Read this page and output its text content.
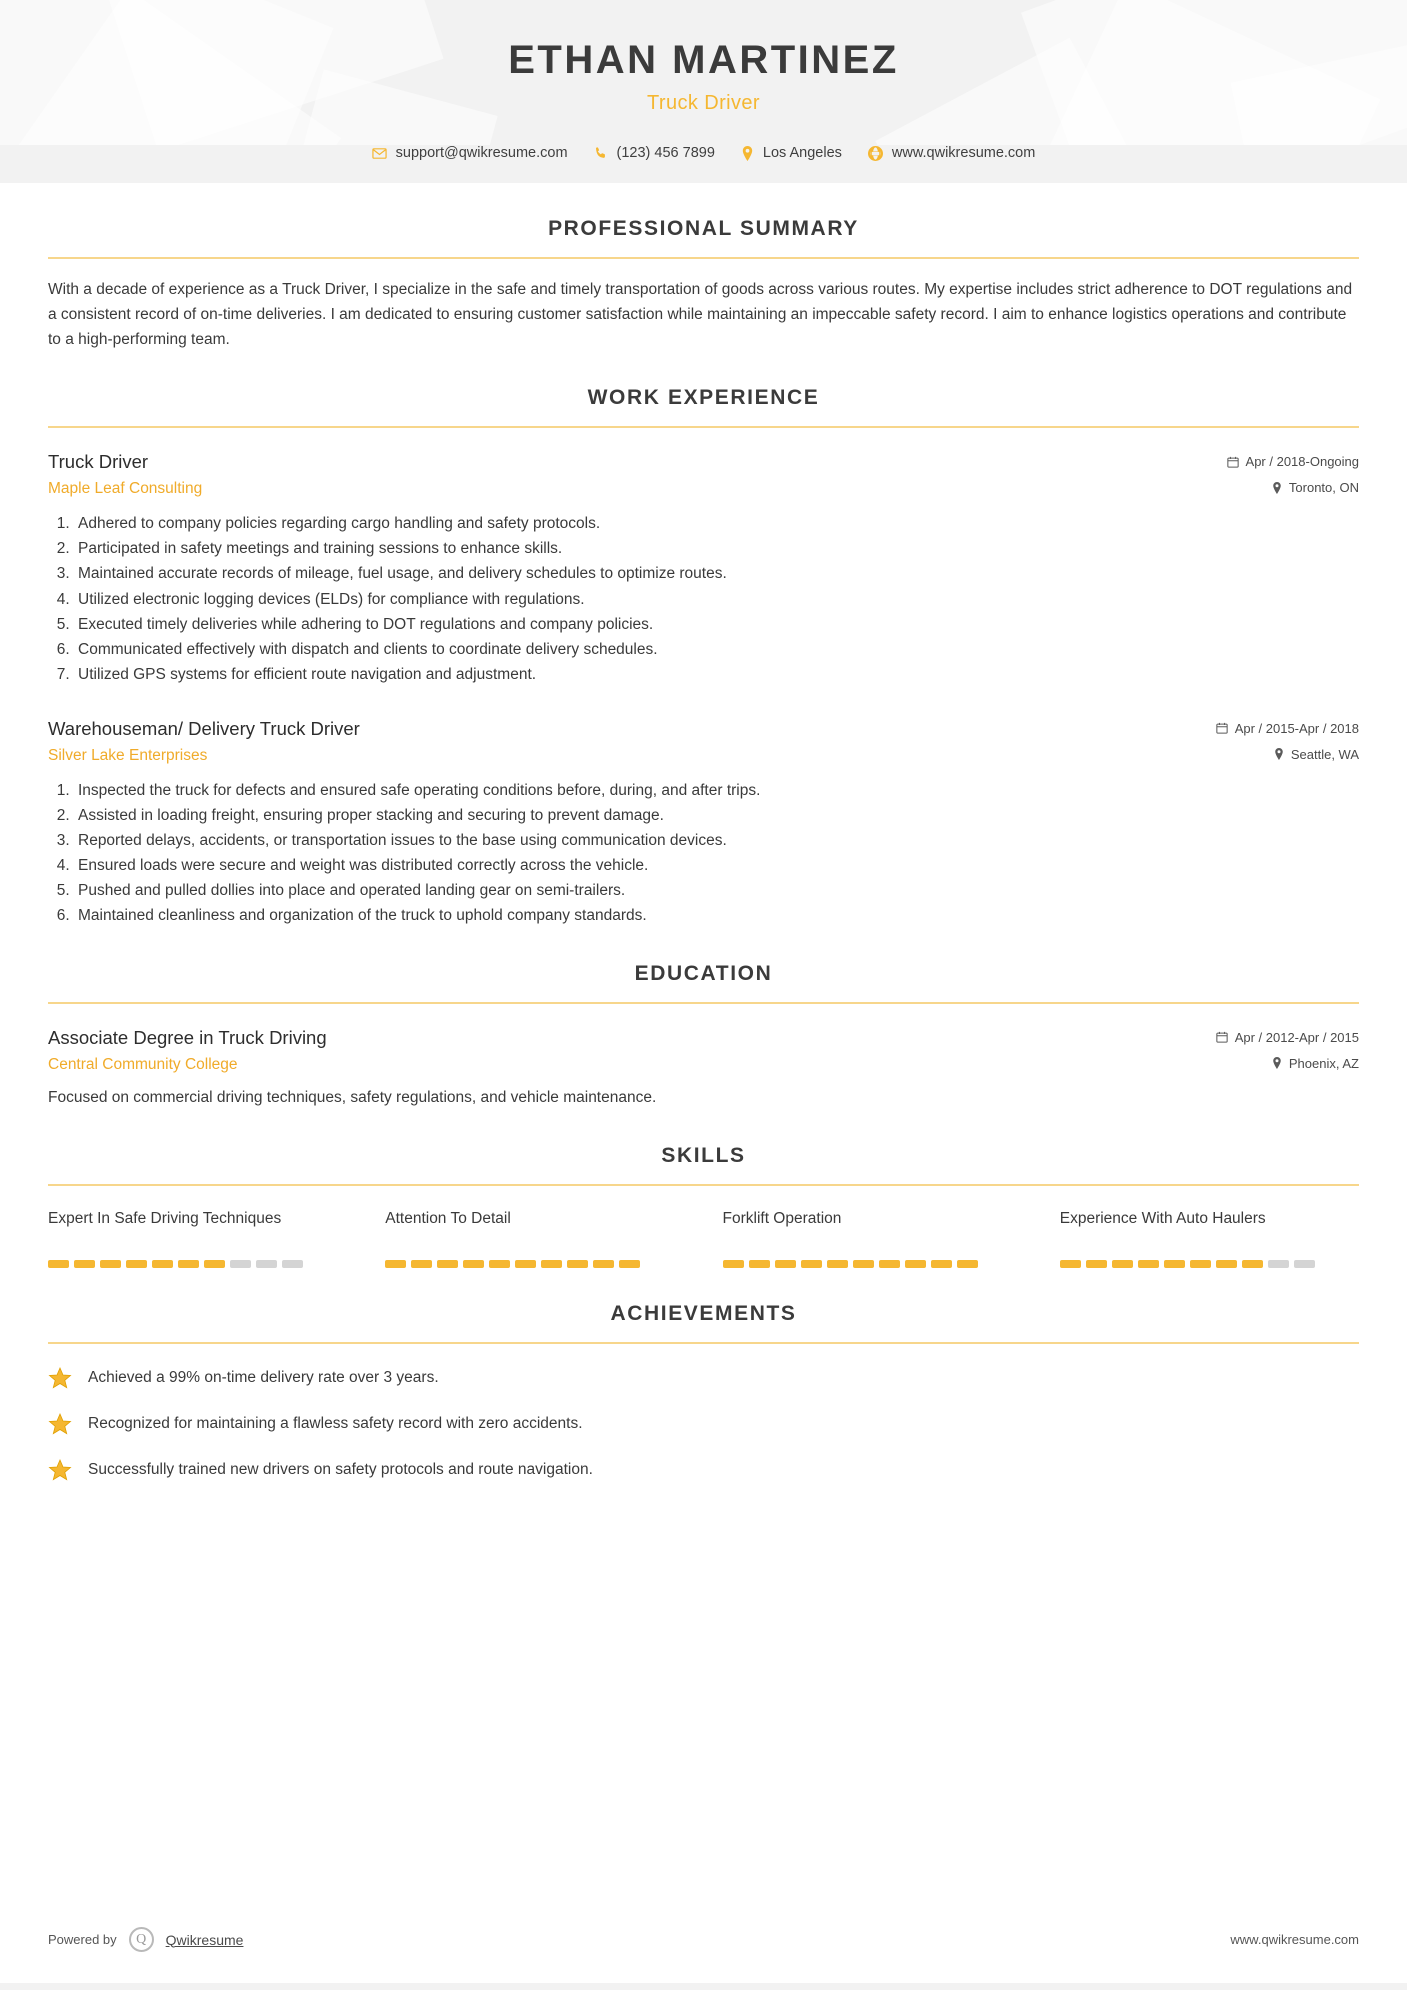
ETHAN MARTINEZ
Truck Driver
support@qwikresume.com	(123) 456 7899	Los Angeles	www.qwikresume.com
PROFESSIONAL SUMMARY

With a decade of experience as a Truck Driver, I specialize in the safe and timely transportation of goods across various routes. My expertise includes strict adherence to DOT regulations and a consistent record of on-time deliveries. I am dedicated to ensuring customer satisfaction while maintaining an impeccable safety record. I aim to enhance logistics operations and contribute to a high-performing team.

WORK EXPERIENCE
Truck Driver
Maple Leaf Consulting
Apr / 2018-Ongoing
Toronto, ON
1. Adhered to company policies regarding cargo handling and safety protocols.
2. Participated in safety meetings and training sessions to enhance skills.
3. Maintained accurate records of mileage, fuel usage, and delivery schedules to optimize routes.
4. Utilized electronic logging devices (ELDs) for compliance with regulations.
5. Executed timely deliveries while adhering to DOT regulations and company policies.
6. Communicated effectively with dispatch and clients to coordinate delivery schedules.
7. Utilized GPS systems for efficient route navigation and adjustment.
Warehouseman/ Delivery Truck Driver
Silver Lake Enterprises
Apr / 2015-Apr / 2018
Seattle, WA
1. Inspected the truck for defects and ensured safe operating conditions before, during, and after trips.
2. Assisted in loading freight, ensuring proper stacking and securing to prevent damage.
3. Reported delays, accidents, or transportation issues to the base using communication devices.
4. Ensured loads were secure and weight was distributed correctly across the vehicle.
5. Pushed and pulled dollies into place and operated landing gear on semi-trailers.
6. Maintained cleanliness and organization of the truck to uphold company standards.
EDUCATION
Associate Degree in Truck Driving
Central Community College
Apr / 2012-Apr / 2015
Phoenix, AZ
Focused on commercial driving techniques, safety regulations, and vehicle maintenance.
SKILLS
Expert In Safe Driving Techniques	Attention To Detail	Forklift Operation	Experience With Auto Haulers
ACHIEVEMENTS
Achieved a 99% on-time delivery rate over 3 years.
Recognized for maintaining a flawless safety record with zero accidents.
Successfully trained new drivers on safety protocols and route navigation.
Powered by	Q	Qwikresume	www.qwikresume.com
